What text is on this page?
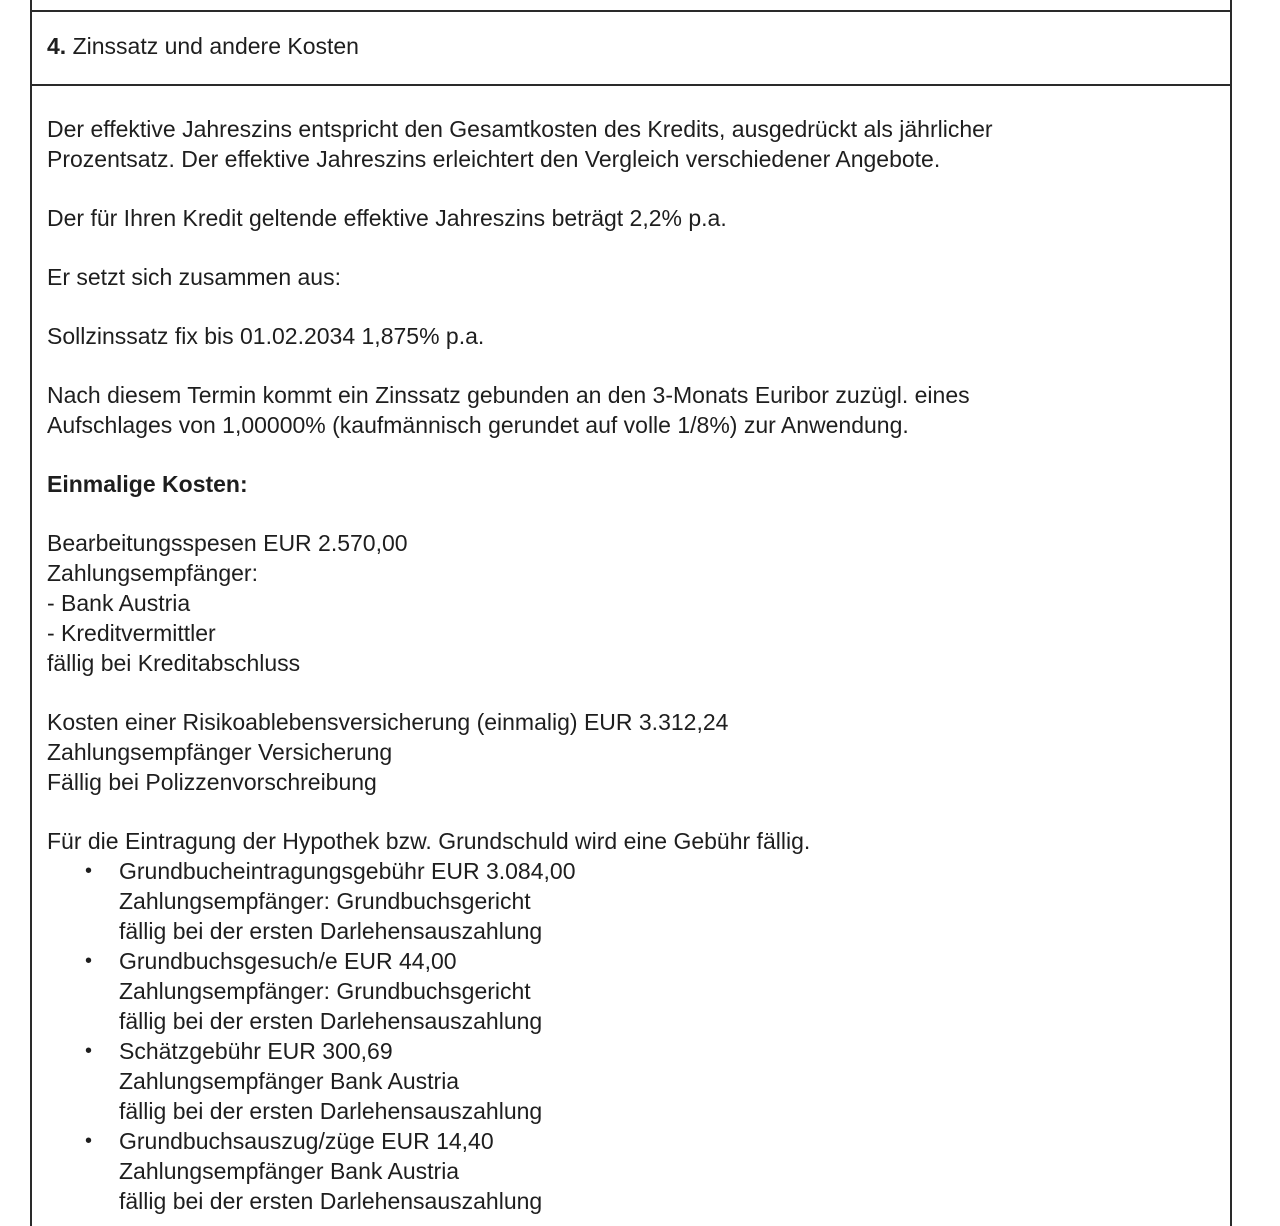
4. Zinssatz und andere Kosten

Der effektive Jahreszins entspricht den Gesamtkosten des Kredits, ausgedrückt als jährlicher
Prozentsatz. Der effektive Jahreszins erleichtert den Vergleich verschiedener Angebote.

Der für Ihren Kredit geltende effektive Jahreszins beträgt 2,2% p.a.

Er setzt sich zusammen aus:

Sollzinssatz fix bis 01.02.2034 1,875% p.a.

Nach diesem Termin kommt ein Zinssatz gebunden an den 3-Monats Euribor zuzügl. eines
Aufschlages von 1,00000% (kaufmännisch gerundet auf volle 1/8%) zur Anwendung.

Einmalige Kosten:

Bearbeitungsspesen EUR 2.570,00
Zahlungsempfänger:
- Bank Austria
- Kreditvermittler
fällig bei Kreditabschluss

Kosten einer Risikoablebensversicherung (einmalig) EUR 3.312,24
Zahlungsempfänger Versicherung
Fällig bei Polizzenvorschreibung

Für die Eintragung der Hypothek bzw. Grundschuld wird eine Gebühr fällig.

• Grundbucheintragungsgebühr EUR 3.084,00
Zahlungsempfänger: Grundbuchsgericht
fällig bei der ersten Darlehensauszahlung
• Grundbuchsgesuch/e EUR 44,00
Zahlungsempfänger: Grundbuchsgericht
fällig bei der ersten Darlehensauszahlung
• Schätzgebühr EUR 300,69
Zahlungsempfänger Bank Austria
fällig bei der ersten Darlehensauszahlung
• Grundbuchsauszug/züge EUR 14,40
Zahlungsempfänger Bank Austria
fällig bei der ersten Darlehensauszahlung
